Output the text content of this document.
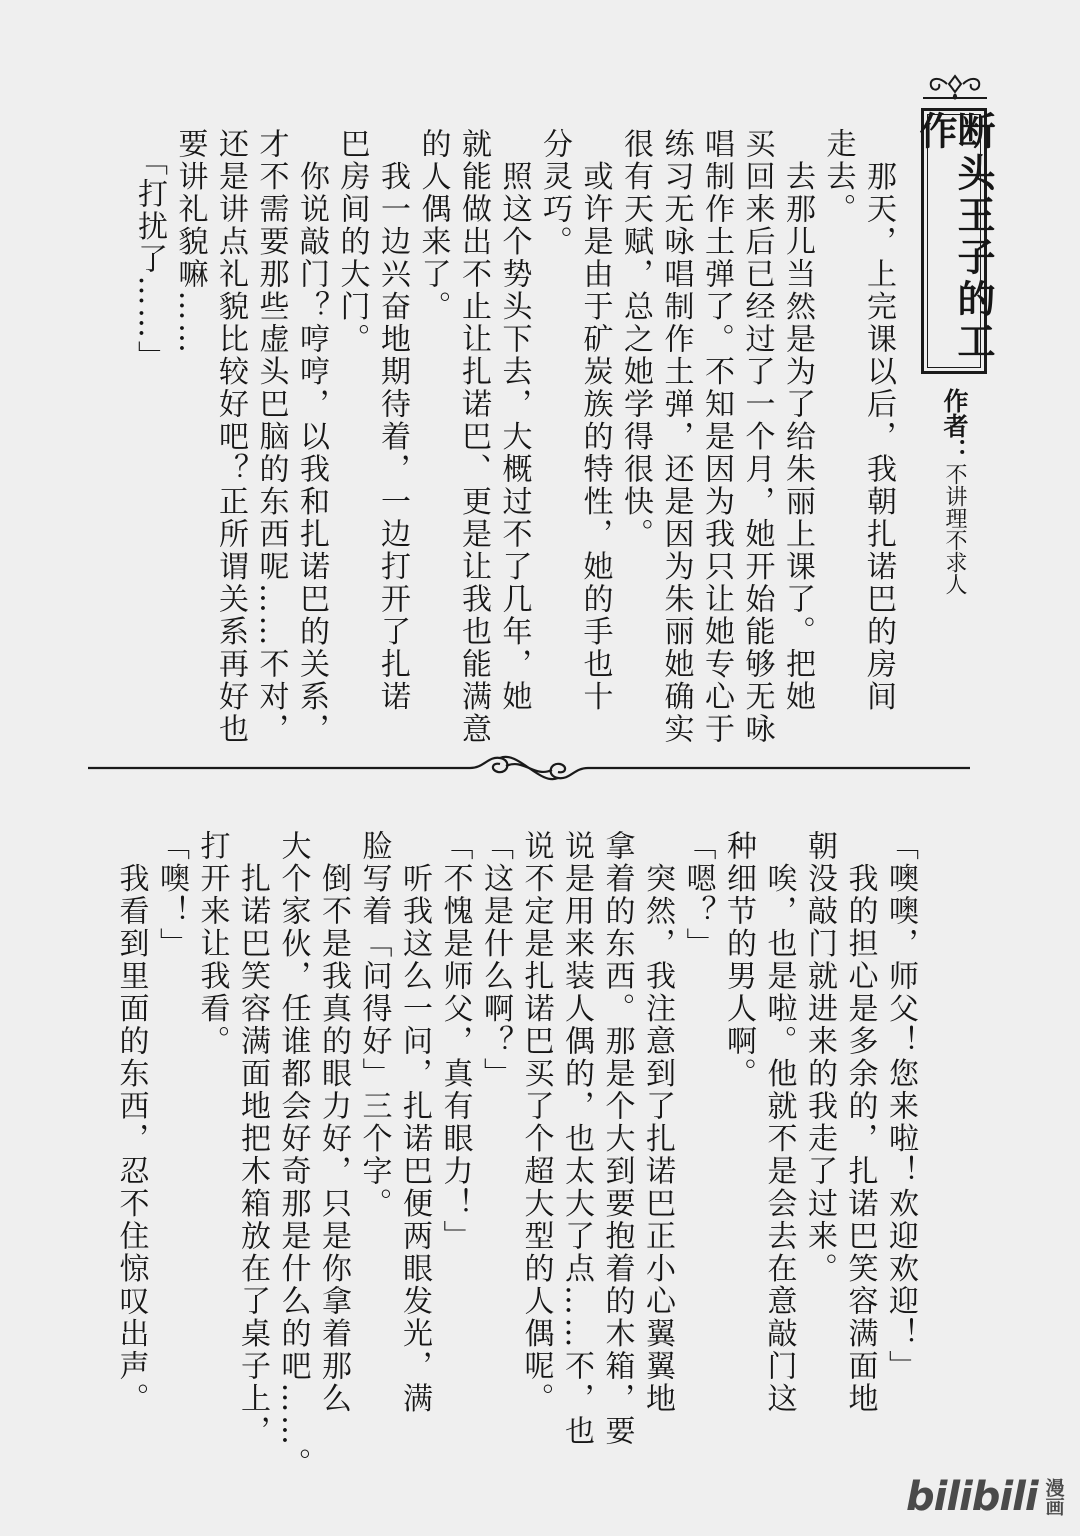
断头王子的工作
作者：不讲理不求人
　那天，上完课以后，我朝扎诺巴的房间
走去。
　去那儿当然是为了给朱丽上课了。把她
买回来后已经过了一个月，她开始能够无咏
唱制作土弹了。不知是因为我只让她专心于
练习无咏唱制作土弹，还是因为朱丽她确实
很有天赋，总之她学得很快。
　或许是由于矿炭族的特性，她的手也十
分灵巧。
　照这个势头下去，大概过不了几年，她
就能做出不止让扎诺巴、更是让我也能满意
的人偶来了。
　我一边兴奋地期待着，一边打开了扎诺
巴房间的大门。
　你说敲门？哼哼，以我和扎诺巴的关系，
才不需要那些虚头巴脑的东西呢……不对，
还是讲点礼貌比较好吧？正所谓关系再好也
要讲礼貌嘛……
　「打扰了……」
「噢噢，师父！您来啦！欢迎欢迎！」
　我的担心是多余的，扎诺巴笑容满面地
朝没敲门就进来的我走了过来。
　唉，也是啦。他就不是会去在意敲门这
种细节的男人啊。
「嗯？」
　突然，我注意到了扎诺巴正小心翼翼地
拿着的东西。那是个大到要抱着的木箱，要
说是用来装人偶的，也太大了点……不，也
说不定是扎诺巴买了个超大型的人偶呢。
「这是什么啊？」
「不愧是师父，真有眼力！」
　听我这么一问，扎诺巴便两眼发光，满
脸写着「问得好」三个字。
　倒不是我真的眼力好，只是你拿着那么
大个家伙，任谁都会好奇那是什么的吧……。
　扎诺巴笑容满面地把木箱放在了桌子上，
打开来让我看。
「噢！」
　我看到里面的东西，忍不住惊叹出声。
bilibili 漫画
